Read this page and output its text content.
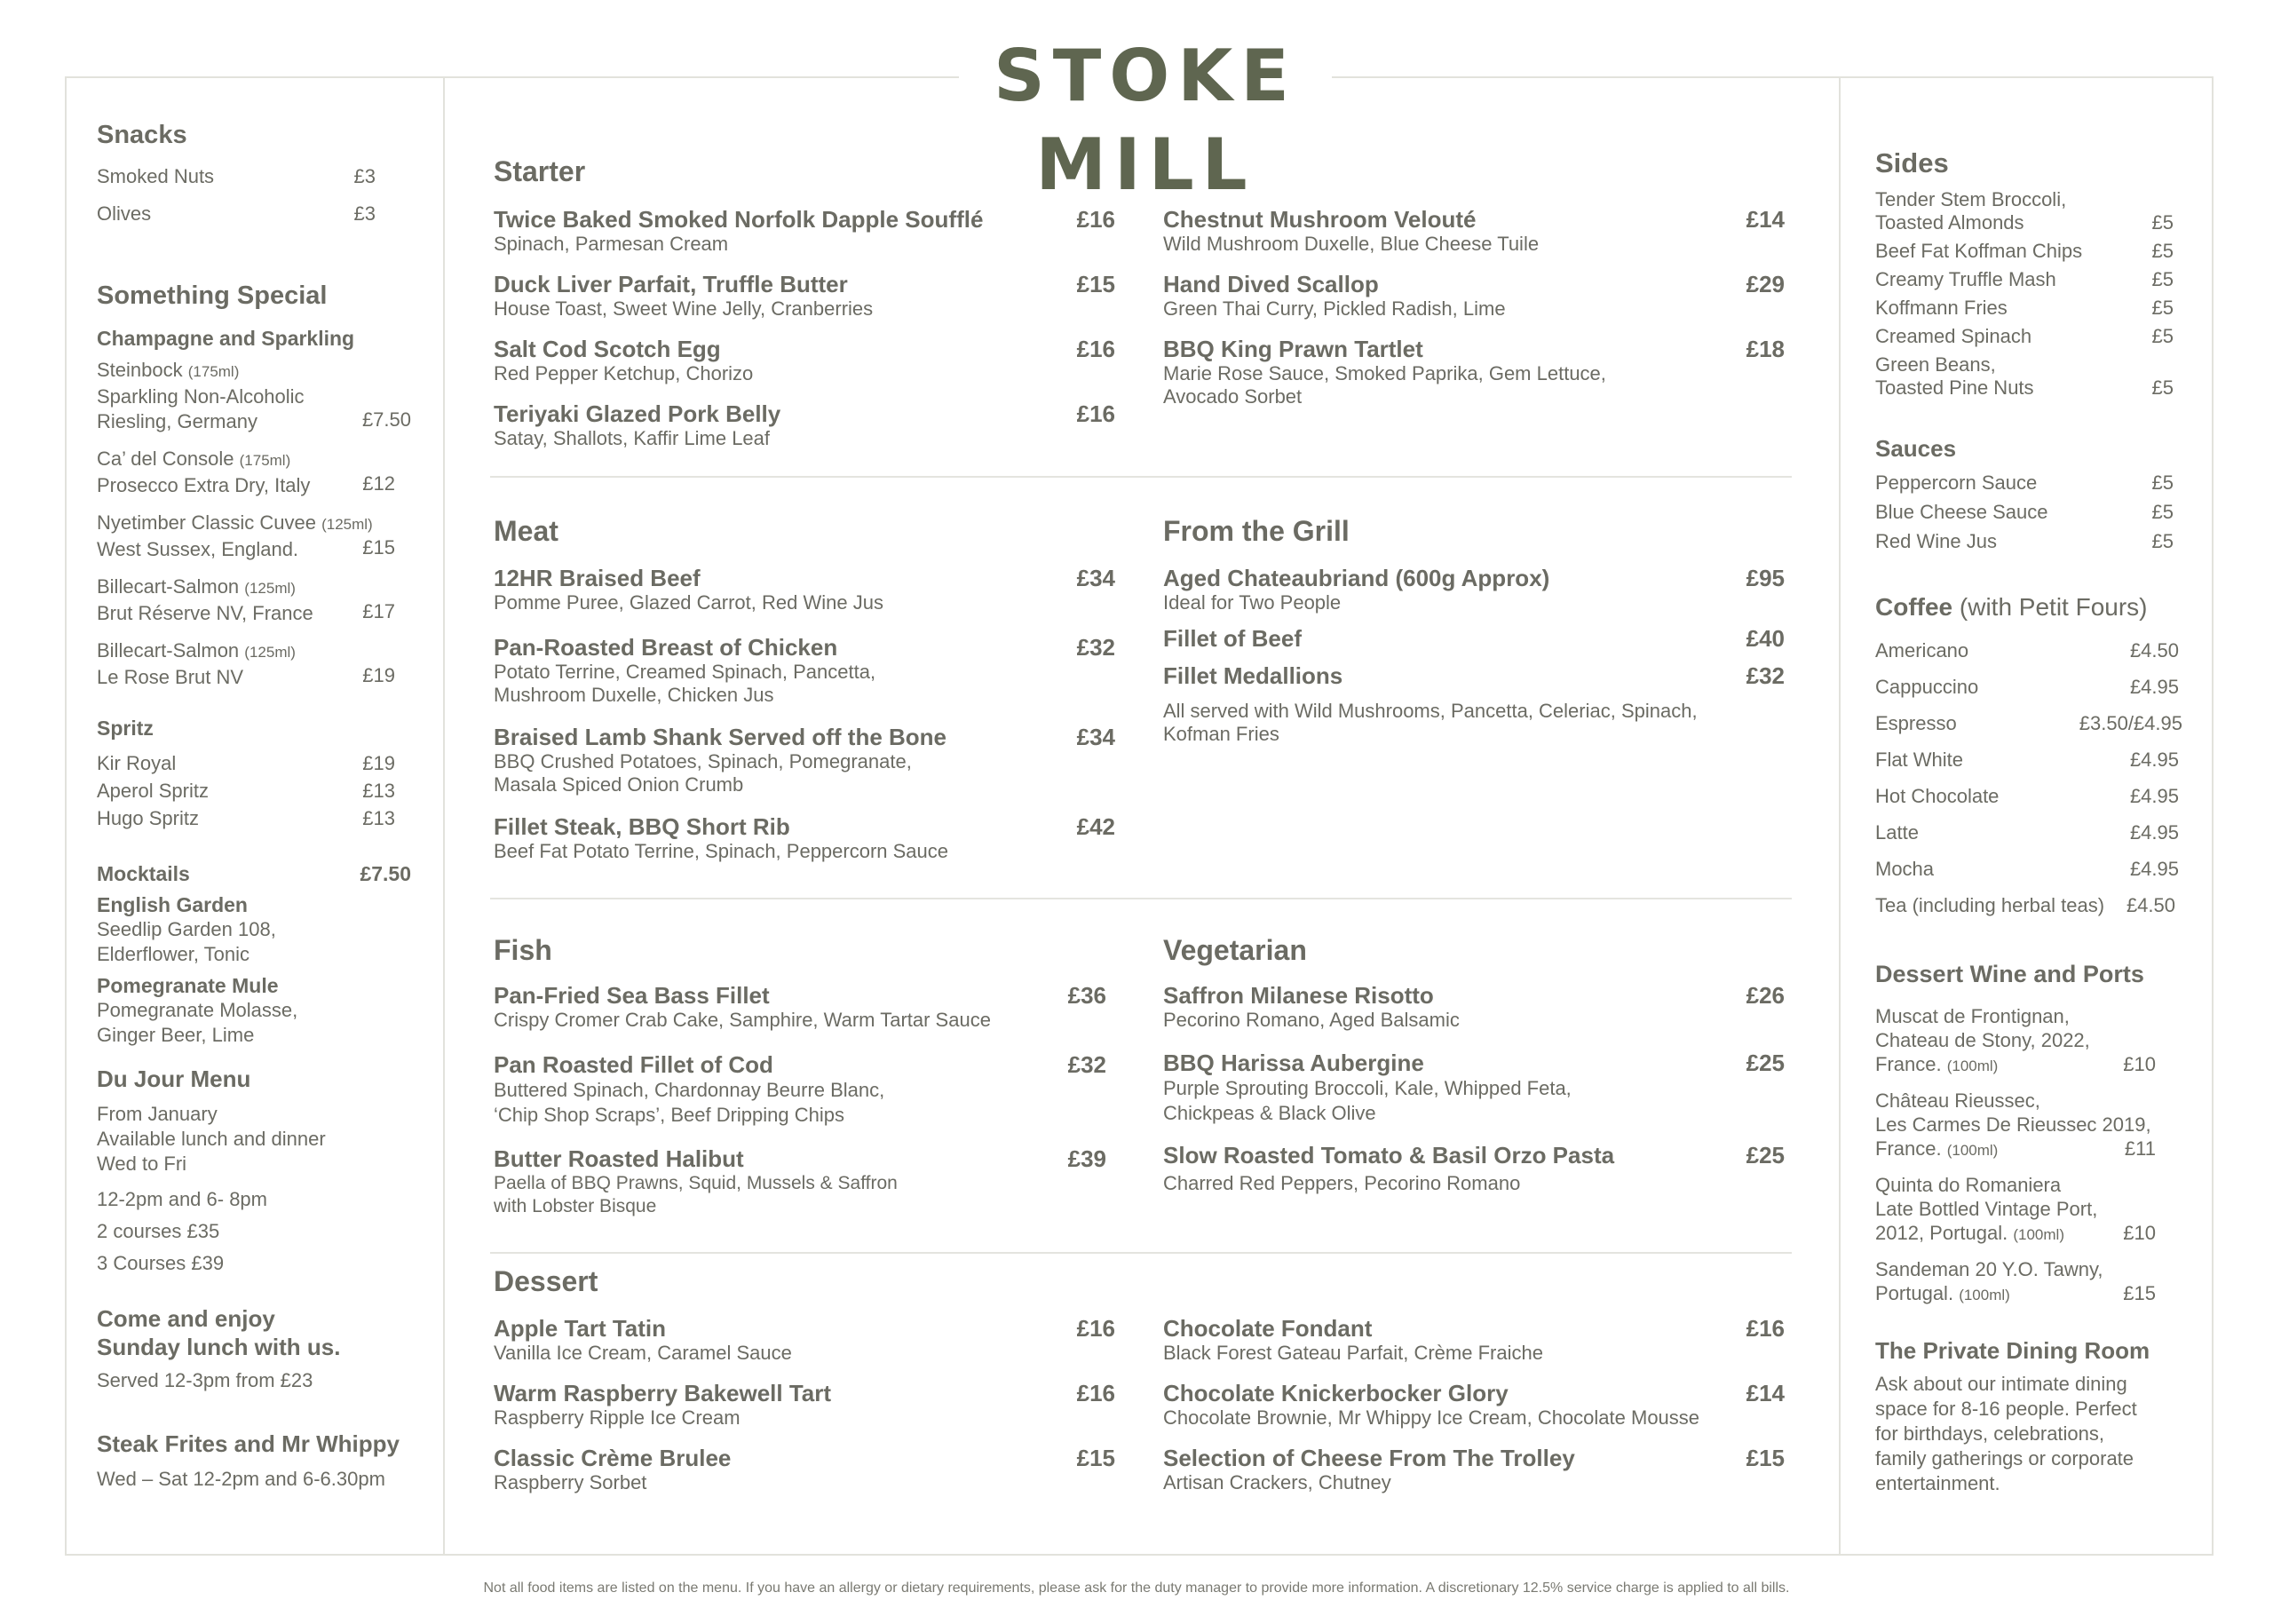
STOKE MILL
Snacks
Smoked Nuts	£3
Olives	£3
Something Special
Champagne and Sparkling
Steinbock (175ml)
Sparkling Non-Alcoholic
Riesling, Germany	£7.50
Ca’ del Console (175ml)
Prosecco Extra Dry, Italy	£12
Nyetimber Classic Cuvee (125ml)
West Sussex, England.	£15
Billecart-Salmon (125ml)
Brut Réserve NV, France	£17
Billecart-Salmon (125ml)
Le Rose Brut NV	£19
Spritz
Kir Royal	£19
Aperol Spritz	£13
Hugo Spritz	£13
Mocktails	£7.50
English Garden
Seedlip Garden 108,
Elderflower, Tonic
Pomegranate Mule
Pomegranate Molasse,
Ginger Beer, Lime
Du Jour Menu
From January
Available lunch and dinner
Wed to Fri
12-2pm and 6- 8pm
2 courses £35
3 Courses £39
Come and enjoy
Sunday lunch with us.
Served 12-3pm from £23
Steak Frites and Mr Whippy
Wed – Sat 12-2pm and 6-6.30pm
Starter
Twice Baked Smoked Norfolk Dapple Soufflé	£16
Spinach, Parmesan Cream
Duck Liver Parfait, Truffle Butter	£15
House Toast, Sweet Wine Jelly, Cranberries
Salt Cod Scotch Egg	£16
Red Pepper Ketchup, Chorizo
Teriyaki Glazed Pork Belly	£16
Satay, Shallots, Kaffir Lime Leaf
Chestnut Mushroom Velouté	£14
Wild Mushroom Duxelle, Blue Cheese Tuile
Hand Dived Scallop	£29
Green Thai Curry, Pickled Radish, Lime
BBQ King Prawn Tartlet	£18
Marie Rose Sauce, Smoked Paprika, Gem Lettuce,
Avocado Sorbet
Meat
12HR Braised Beef	£34
Pomme Puree, Glazed Carrot, Red Wine Jus
Pan-Roasted Breast of Chicken	£32
Potato Terrine, Creamed Spinach, Pancetta,
Mushroom Duxelle, Chicken Jus
Braised Lamb Shank Served off the Bone	£34
BBQ Crushed Potatoes, Spinach, Pomegranate,
Masala Spiced Onion Crumb
Fillet Steak, BBQ Short Rib	£42
Beef Fat Potato Terrine, Spinach, Peppercorn Sauce
From the Grill
Aged Chateaubriand (600g Approx)	£95
Ideal for Two People
Fillet of Beef	£40
Fillet Medallions	£32
All served with Wild Mushrooms, Pancetta, Celeriac, Spinach,
Kofman Fries
Fish
Pan-Fried Sea Bass Fillet	£36
Crispy Cromer Crab Cake, Samphire, Warm Tartar Sauce
Pan Roasted Fillet of Cod	£32
Buttered Spinach, Chardonnay Beurre Blanc,
‘Chip Shop Scraps’, Beef Dripping Chips
Butter Roasted Halibut	£39
Paella of BBQ Prawns, Squid, Mussels & Saffron
with Lobster Bisque
Vegetarian
Saffron Milanese Risotto	£26
Pecorino Romano, Aged Balsamic
BBQ Harissa Aubergine	£25
Purple Sprouting Broccoli, Kale, Whipped Feta,
Chickpeas & Black Olive
Slow Roasted Tomato & Basil Orzo Pasta	£25
Charred Red Peppers, Pecorino Romano
Dessert
Apple Tart Tatin	£16
Vanilla Ice Cream, Caramel Sauce
Warm Raspberry Bakewell Tart	£16
Raspberry Ripple Ice Cream
Classic Crème Brulee	£15
Raspberry Sorbet
Chocolate Fondant	£16
Black Forest Gateau Parfait, Crème Fraiche
Chocolate Knickerbocker Glory	£14
Chocolate Brownie, Mr Whippy Ice Cream, Chocolate Mousse
Selection of Cheese From The Trolley	£15
Artisan Crackers, Chutney
Sides
Tender Stem Broccoli,
Toasted Almonds	£5
Beef Fat Koffman Chips	£5
Creamy Truffle Mash	£5
Koffmann Fries	£5
Creamed Spinach	£5
Green Beans,
Toasted Pine Nuts	£5
Sauces
Peppercorn Sauce	£5
Blue Cheese Sauce	£5
Red Wine Jus	£5
Coffee (with Petit Fours)
Americano	£4.50
Cappuccino	£4.95
Espresso	£3.50/£4.95
Flat White	£4.95
Hot Chocolate	£4.95
Latte	£4.95
Mocha	£4.95
Tea (including herbal teas) £4.50
Dessert Wine and Ports
Muscat de Frontignan,
Chateau de Stony, 2022,
France. (100ml)	£10
Château Rieussec,
Les Carmes De Rieussec 2019,
France. (100ml)	£11
Quinta do Romaniera
Late Bottled Vintage Port,
2012, Portugal. (100ml)	£10
Sandeman 20 Y.O. Tawny,
Portugal. (100ml)	£15
The Private Dining Room
Ask about our intimate dining
space for 8-16 people. Perfect
for birthdays, celebrations,
family gatherings or corporate
entertainment.
Not all food items are listed on the menu. If you have an allergy or dietary requirements, please ask for the duty manager to provide more information. A discretionary 12.5% service charge is applied to all bills.
